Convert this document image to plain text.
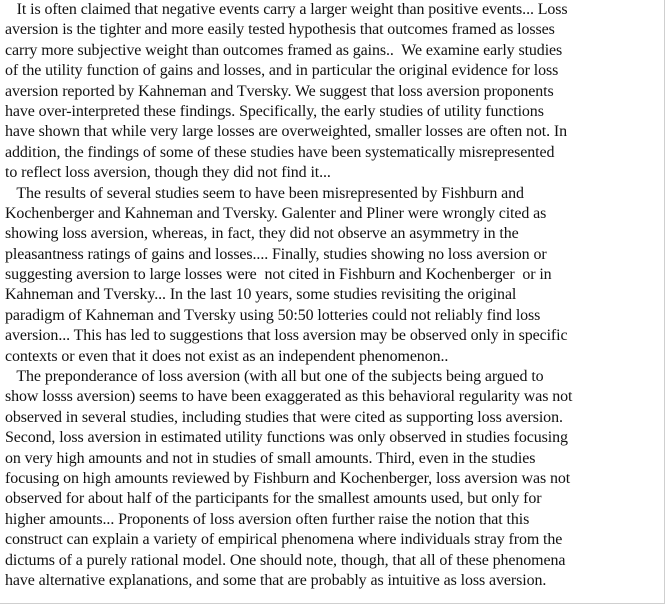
It is often claimed that negative events carry a larger weight than positive events... Loss
aversion is the tighter and more easily tested hypothesis that outcomes framed as losses
carry more subjective weight than outcomes framed as gains..  We examine early studies
of the utility function of gains and losses, and in particular the original evidence for loss
aversion reported by Kahneman and Tversky. We suggest that loss aversion proponents
have over-interpreted these findings. Specifically, the early studies of utility functions
have shown that while very large losses are overweighted, smaller losses are often not. In
addition, the findings of some of these studies have been systematically misrepresented
to reflect loss aversion, though they did not find it...
The results of several studies seem to have been misrepresented by Fishburn and
Kochenberger and Kahneman and Tversky. Galenter and Pliner were wrongly cited as
showing loss aversion, whereas, in fact, they did not observe an asymmetry in the
pleasantness ratings of gains and losses.... Finally, studies showing no loss aversion or
suggesting aversion to large losses were  not cited in Fishburn and Kochenberger  or in
Kahneman and Tversky... In the last 10 years, some studies revisiting the original
paradigm of Kahneman and Tversky using 50:50 lotteries could not reliably find loss
aversion... This has led to suggestions that loss aversion may be observed only in specific
contexts or even that it does not exist as an independent phenomenon..
The preponderance of loss aversion (with all but one of the subjects being argued to
show losss aversion) seems to have been exaggerated as this behavioral regularity was not
observed in several studies, including studies that were cited as supporting loss aversion.
Second, loss aversion in estimated utility functions was only observed in studies focusing
on very high amounts and not in studies of small amounts. Third, even in the studies
focusing on high amounts reviewed by Fishburn and Kochenberger, loss aversion was not
observed for about half of the participants for the smallest amounts used, but only for
higher amounts... Proponents of loss aversion often further raise the notion that this
construct can explain a variety of empirical phenomena where individuals stray from the
dictums of a purely rational model. One should note, though, that all of these phenomena
have alternative explanations, and some that are probably as intuitive as loss aversion.
